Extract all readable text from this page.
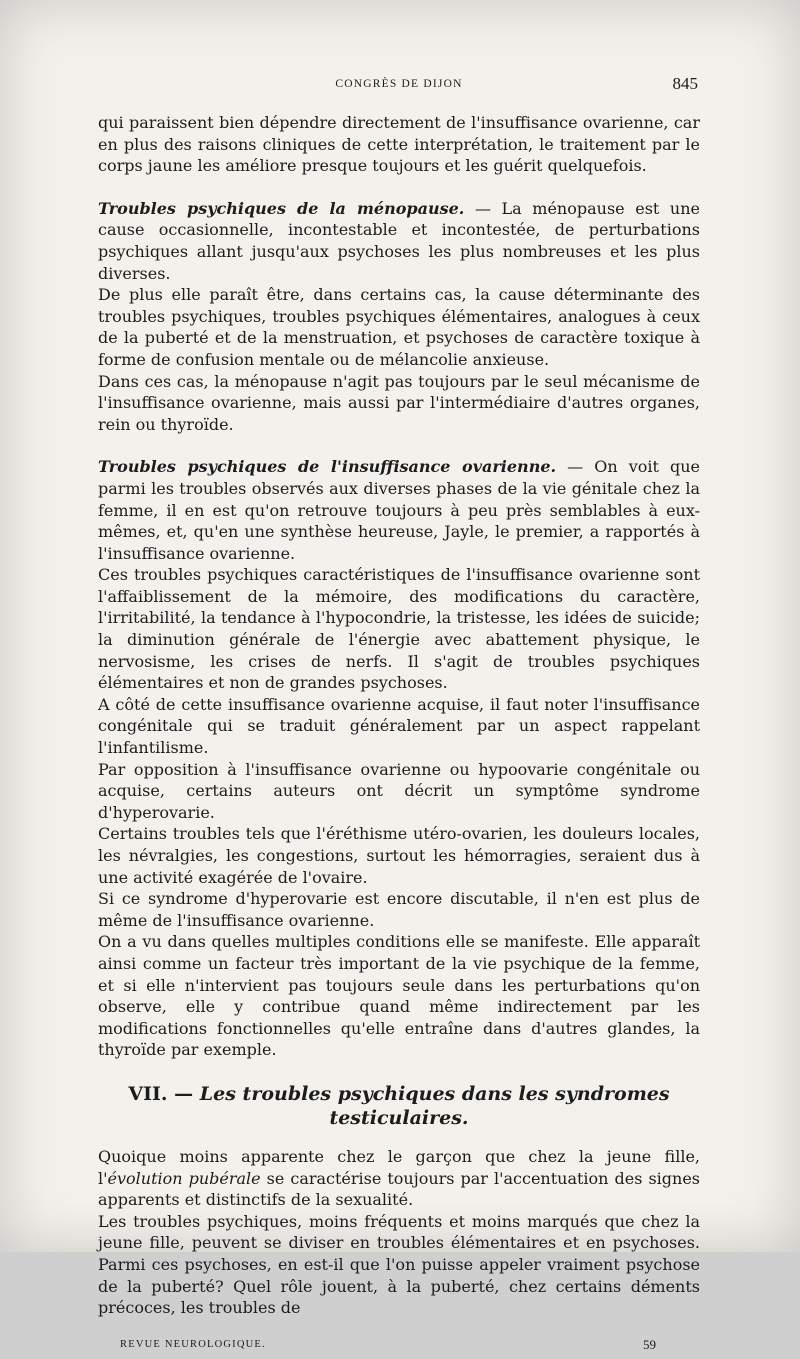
CONGRÈS DE DIJON	845

qui paraissent bien dépendre directement de l'insuffisance ovarienne, car en plus des raisons cliniques de cette interprétation, le traitement par le corps jaune les améliore presque toujours et les guérit quelquefois.

Troubles psychiques de la ménopause. — La ménopause est une cause occasionnelle, incontestable et incontestée, de perturbations psychiques allant jusqu'aux psychoses les plus nombreuses et les plus diverses.

De plus elle paraît être, dans certains cas, la cause déterminante des troubles psychiques, troubles psychiques élémentaires, analogues à ceux de la puberté et de la menstruation, et psychoses de caractère toxique à forme de confusion mentale ou de mélancolie anxieuse.

Dans ces cas, la ménopause n'agit pas toujours par le seul mécanisme de l'insuffisance ovarienne, mais aussi par l'intermédiaire d'autres organes, rein ou thyroïde.

Troubles psychiques de l'insuffisance ovarienne. — On voit que parmi les troubles observés aux diverses phases de la vie génitale chez la femme, il en est qu'on retrouve toujours à peu près semblables à eux-mêmes, et, qu'en une synthèse heureuse, Jayle, le premier, a rapportés à l'insuffisance ovarienne.

Ces troubles psychiques caractéristiques de l'insuffisance ovarienne sont l'affaiblissement de la mémoire, des modifications du caractère, l'irritabilité, la tendance à l'hypocondrie, la tristesse, les idées de suicide; la diminution générale de l'énergie avec abattement physique, le nervosisme, les crises de nerfs. Il s'agit de troubles psychiques élémentaires et non de grandes psychoses.

A côté de cette insuffisance ovarienne acquise, il faut noter l'insuffisance congénitale qui se traduit généralement par un aspect rappelant l'infantilisme.

Par opposition à l'insuffisance ovarienne ou hypoovarie congénitale ou acquise, certains auteurs ont décrit un symptôme syndrome d'hyperovarie.

Certains troubles tels que l'éréthisme utéro-ovarien, les douleurs locales, les névralgies, les congestions, surtout les hémorragies, seraient dus à une activité exagérée de l'ovaire.

Si ce syndrome d'hyperovarie est encore discutable, il n'en est plus de même de l'insuffisance ovarienne.

On a vu dans quelles multiples conditions elle se manifeste. Elle apparaît ainsi comme un facteur très important de la vie psychique de la femme, et si elle n'intervient pas toujours seule dans les perturbations qu'on observe, elle y contribue quand même indirectement par les modifications fonctionnelles qu'elle entraîne dans d'autres glandes, la thyroïde par exemple.

VII. — Les troubles psychiques dans les syndromes testiculaires.

Quoique moins apparente chez le garçon que chez la jeune fille, l'évolution pubérale se caractérise toujours par l'accentuation des signes apparents et distinctifs de la sexualité.

Les troubles psychiques, moins fréquents et moins marqués que chez la jeune fille, peuvent se diviser en troubles élémentaires et en psychoses. Parmi ces psychoses, en est-il que l'on puisse appeler vraiment psychose de la puberté? Quel rôle jouent, à la puberté, chez certains déments précoces, les troubles de

REVUE NEUROLOGIQUE.	59
